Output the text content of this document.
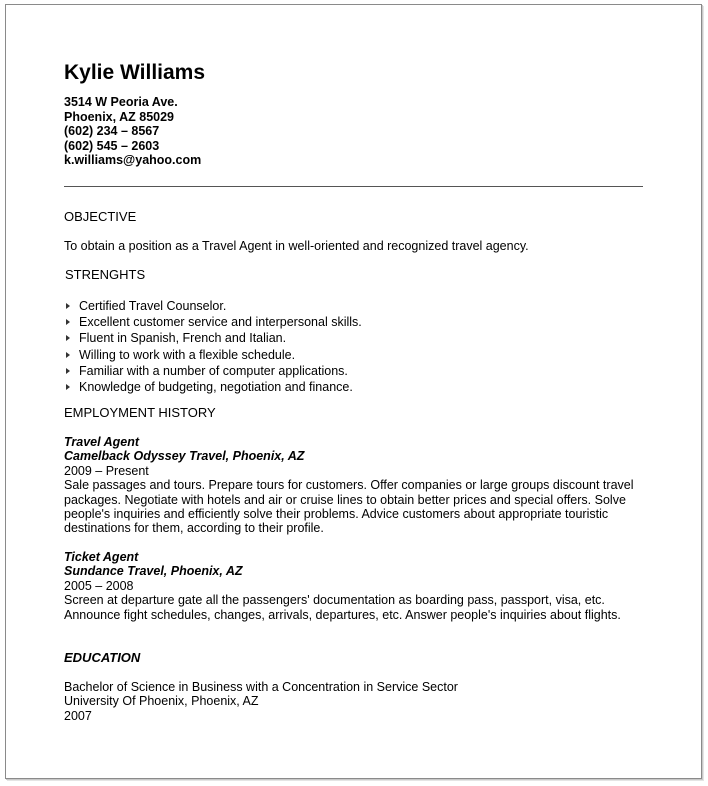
Kylie Williams
3514 W Peoria Ave.
Phoenix, AZ 85029
(602) 234 – 8567
(602) 545 – 2603
k.williams@yahoo.com
OBJECTIVE
To obtain a position as a Travel Agent in well-oriented and recognized travel agency.
STRENGHTS
Certified Travel Counselor.
Excellent customer service and interpersonal skills.
Fluent in Spanish, French and Italian.
Willing to work with a flexible schedule.
Familiar with a number of computer applications.
Knowledge of budgeting, negotiation and finance.
EMPLOYMENT HISTORY
Travel Agent
Camelback Odyssey Travel, Phoenix, AZ
2009 – Present
Sale passages and tours. Prepare tours for customers. Offer companies or large groups discount travel packages. Negotiate with hotels and air or cruise lines to obtain better prices and special offers. Solve people's inquiries and efficiently solve their problems. Advice customers about appropriate touristic destinations for them, according to their profile.
Ticket Agent
Sundance Travel, Phoenix, AZ
2005 – 2008
Screen at departure gate all the passengers' documentation as boarding pass, passport, visa, etc. Announce fight schedules, changes, arrivals, departures, etc. Answer people's inquiries about flights.
EDUCATION
Bachelor of Science in Business with a Concentration in Service Sector
University Of Phoenix, Phoenix, AZ
2007
